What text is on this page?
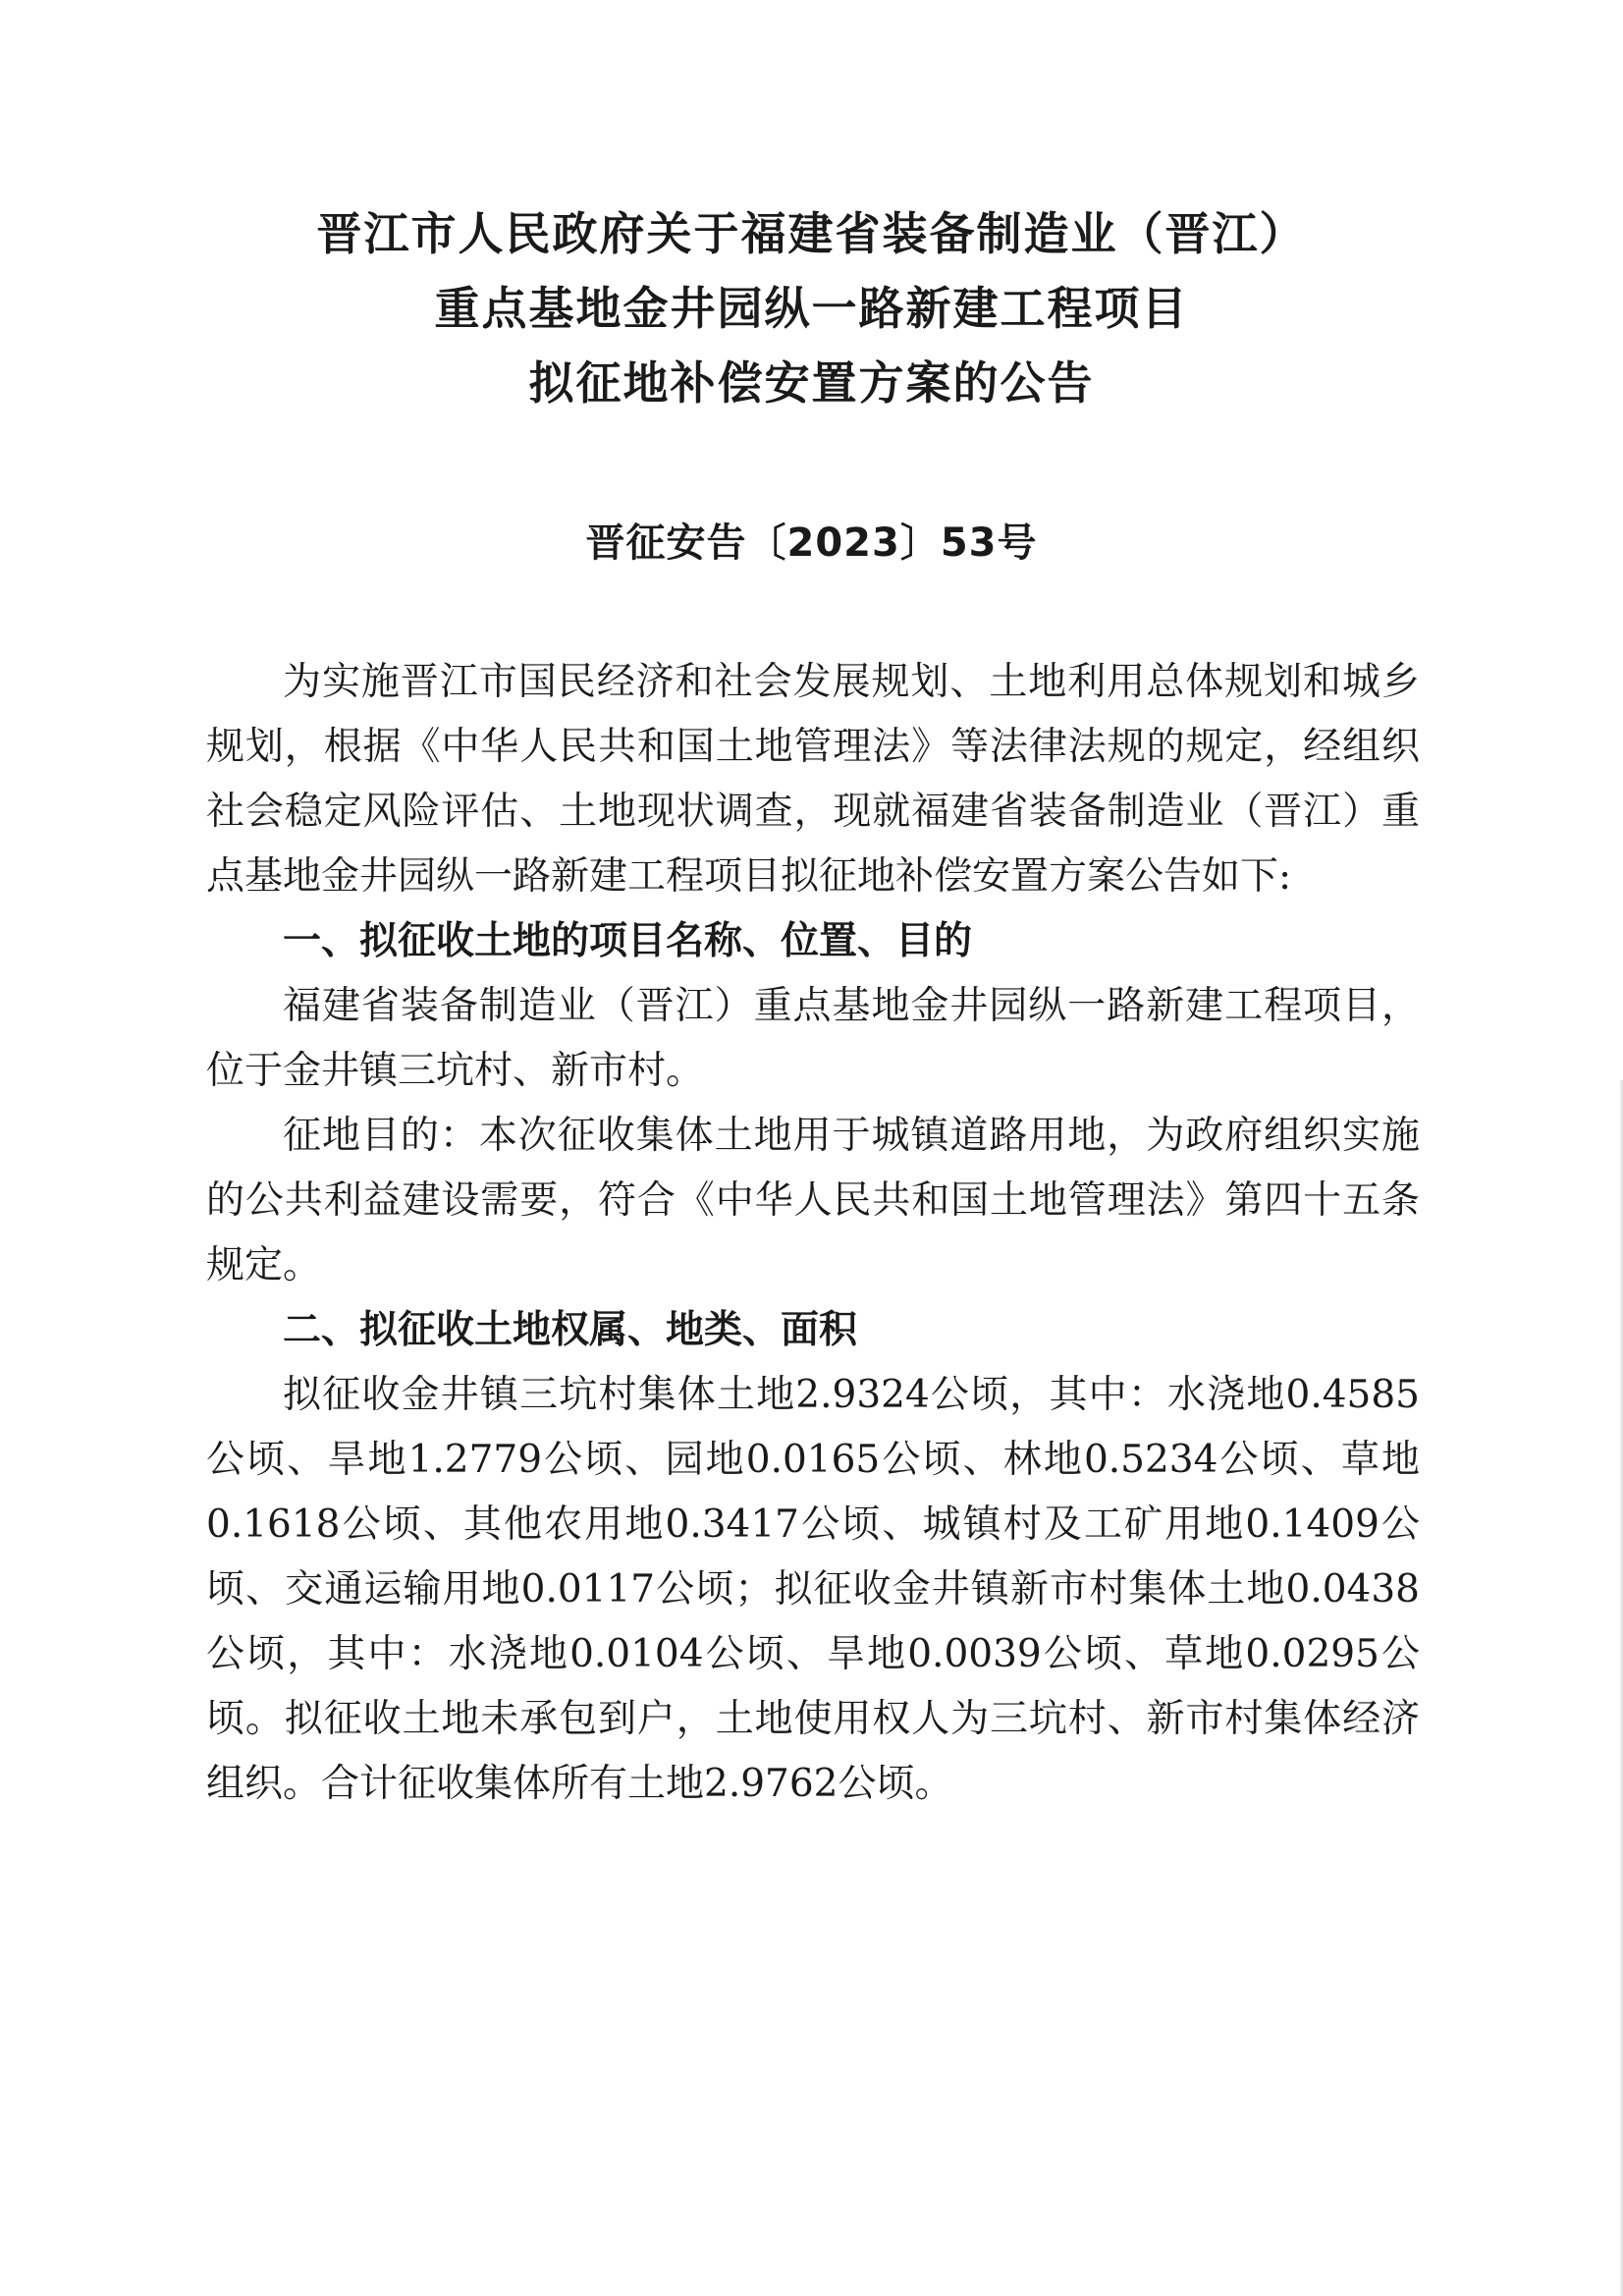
晋江市人民政府关于福建省装备制造业（晋江）
重点基地金井园纵一路新建工程项目
拟征地补偿安置方案的公告
晋征安告〔2023〕53号

为实施晋江市国民经济和社会发展规划、土地利用总体规划和城乡规划，根据《中华人民共和国土地管理法》等法律法规的规定，经组织社会稳定风险评估、土地现状调查，现就福建省装备制造业（晋江）重点基地金井园纵一路新建工程项目拟征地补偿安置方案公告如下:

一、拟征收土地的项目名称、位置、目的

福建省装备制造业（晋江）重点基地金井园纵一路新建工程项目，位于金井镇三坑村、新市村。

征地目的：本次征收集体土地用于城镇道路用地，为政府组织实施的公共利益建设需要，符合《中华人民共和国土地管理法》第四十五条规定。

二、拟征收土地权属、地类、面积

拟征收金井镇三坑村集体土地2.9324公顷，其中：水浇地0.4585公顷、旱地1.2779公顷、园地0.0165公顷、林地0.5234公顷、草地0.1618公顷、其他农用地0.3417公顷、城镇村及工矿用地0.1409公顷、交通运输用地0.0117公顷；拟征收金井镇新市村集体土地0.0438公顷，其中：水浇地0.0104公顷、旱地0.0039公顷、草地0.0295公顷。拟征收土地未承包到户，土地使用权人为三坑村、新市村集体经济组织。合计征收集体所有土地2.9762公顷。
